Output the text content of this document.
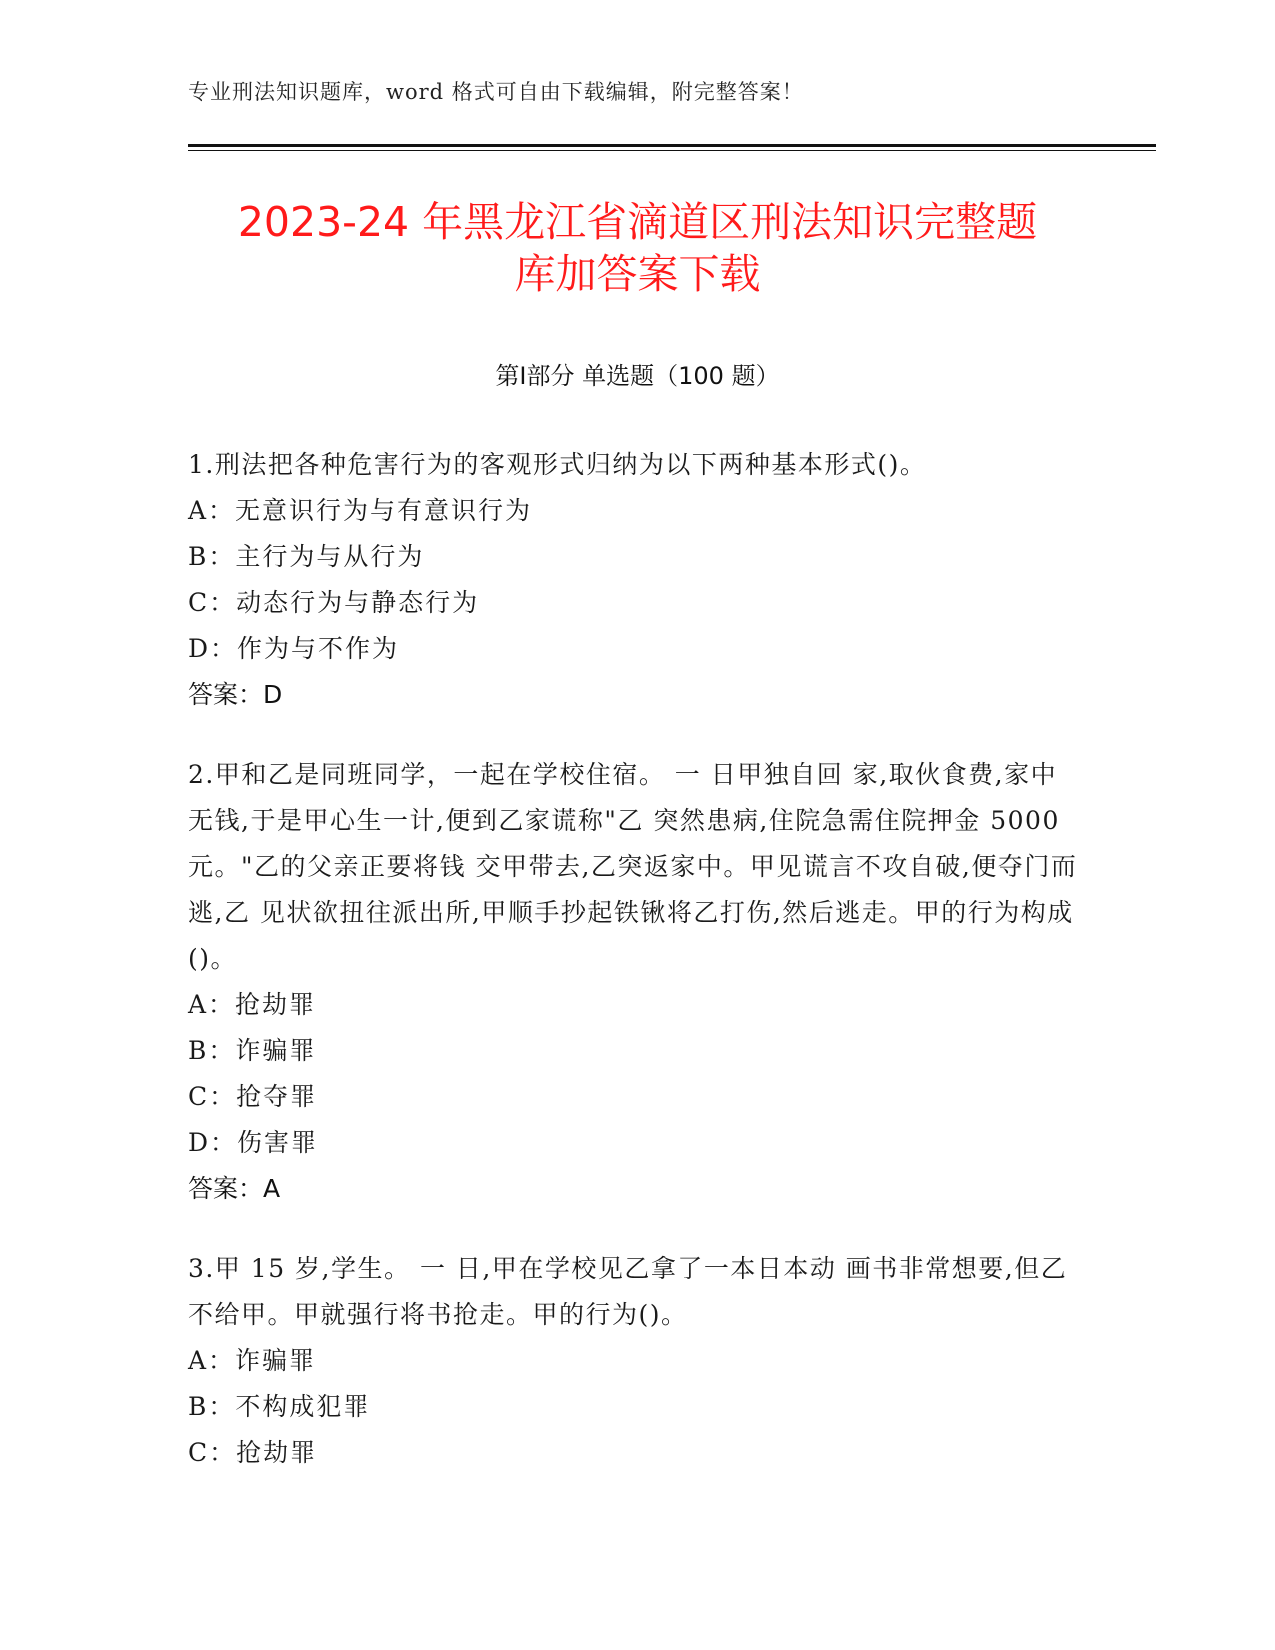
专业刑法知识题库，word 格式可自由下载编辑，附完整答案！
2023-24 年黑龙江省滴道区刑法知识完整题
库加答案下载
第Ⅰ部分 单选题（100 题）

1.刑法把各种危害行为的客观形式归纳为以下两种基本形式()。

A：无意识行为与有意识行为

B：主行为与从行为

C：动态行为与静态行为

D：作为与不作为

答案：D

2.甲和乙是同班同学，一起在学校住宿。 一 日甲独自回 家,取伙食费,家中无钱,于是甲心生一计,便到乙家谎称"乙 突然患病,住院急需住院押金 5000 元。"乙的父亲正要将钱 交甲带去,乙突返家中。甲见谎言不攻自破,便夺门而逃,乙 见状欲扭往派出所,甲顺手抄起铁锹将乙打伤,然后逃走。甲的行为构成()。

A：抢劫罪

B：诈骗罪

C：抢夺罪

D：伤害罪

答案：A

3.甲 15 岁,学生。 一 日,甲在学校见乙拿了一本日本动 画书非常想要,但乙不给甲。甲就强行将书抢走。甲的行为()。

A：诈骗罪

B：不构成犯罪

C：抢劫罪
